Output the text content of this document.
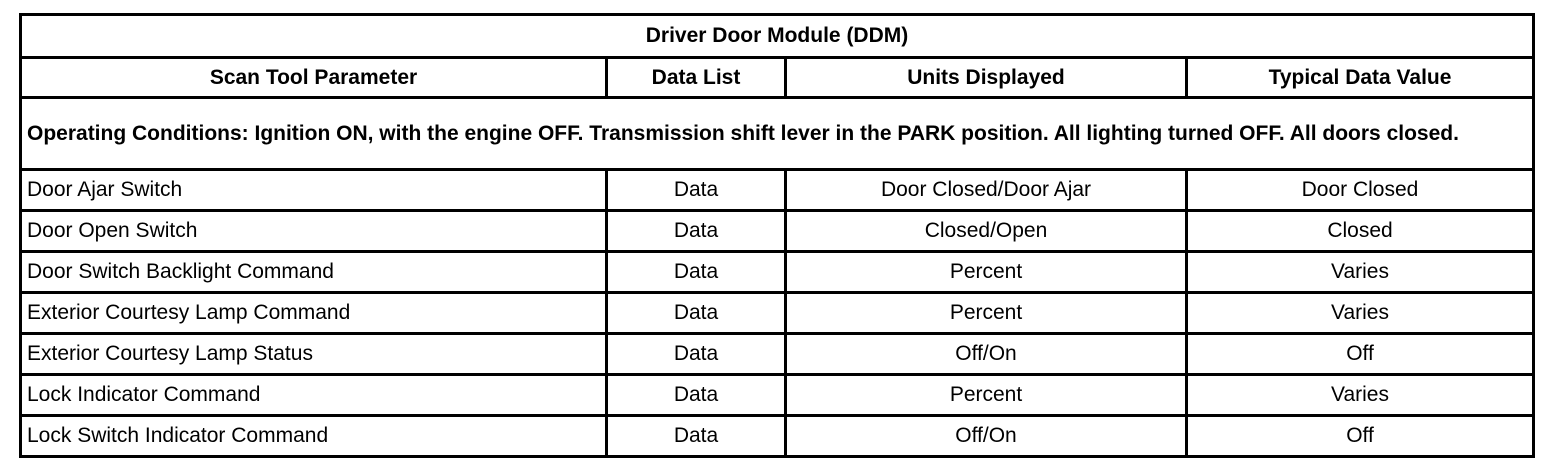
Driver Door Module (DDM)			
Scan Tool Parameter	Data List	Units Displayed	Typical Data Value
Operating Conditions: Ignition ON, with the engine OFF. Transmission shift lever in the PARK position. All lighting turned OFF. All doors closed.			
Door Ajar Switch	Data	Door Closed/Door Ajar	Door Closed
Door Open Switch	Data	Closed/Open	Closed
Door Switch Backlight Command	Data	Percent	Varies
Exterior Courtesy Lamp Command	Data	Percent	Varies
Exterior Courtesy Lamp Status	Data	Off/On	Off
Lock Indicator Command	Data	Percent	Varies
Lock Switch Indicator Command	Data	Off/On	Off
